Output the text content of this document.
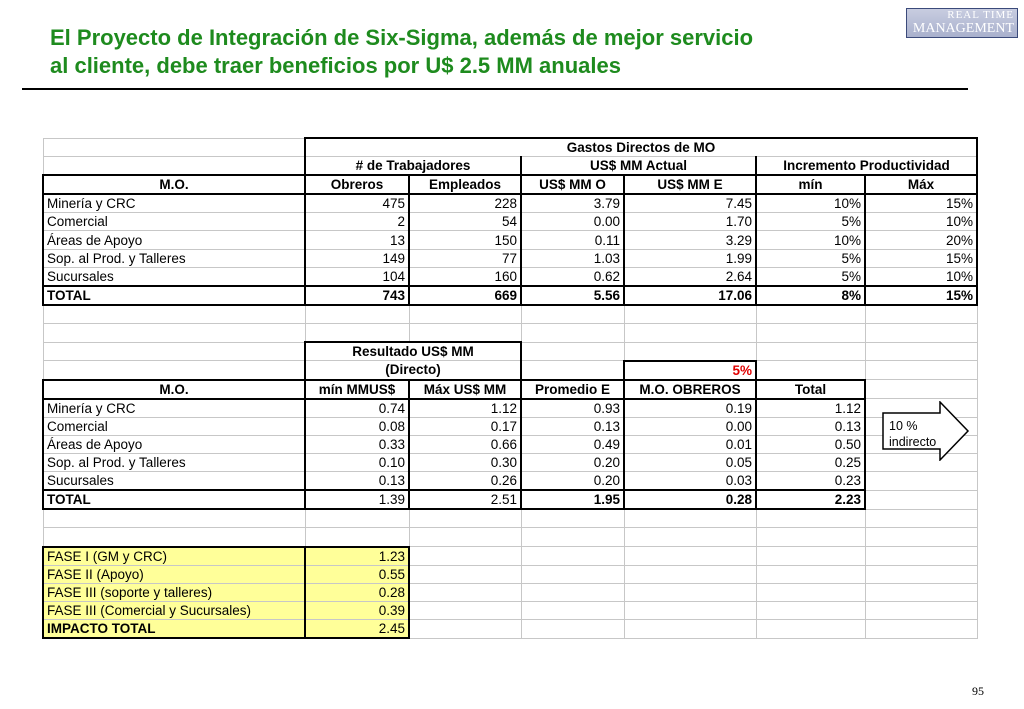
El Proyecto de Integración de Six-Sigma, además de mejor servicio
al cliente, debe traer beneficios por U$ 2.5 MM anuales
REAL TIME
MANAGEMENT
	Gastos Directos de MO					
	# de Trabajadores		US$ MM Actual		Incremento Productividad	
M.O.	Obreros	Empleados	US$ MM O	US$ MM E	mín	Máx
Minería y CRC	475	228	3.79	7.45	10%	15%
Comercial	2	54	0.00	1.70	5%	10%
Áreas de Apoyo	13	150	0.11	3.29	10%	20%
Sop. al Prod. y Talleres	149	77	1.03	1.99	5%	15%
Sucursales	104	160	0.62	2.64	5%	10%
TOTAL	743	669	5.56	17.06	8%	15%

	Resultado US$ MM					
	(Directo)			5%		
M.O.	mín MMUS$	Máx US$ MM	Promedio E	M.O. OBREROS	Total	
Minería y CRC	0.74	1.12	0.93	0.19	1.12	
Comercial	0.08	0.17	0.13	0.00	0.13	
Áreas de Apoyo	0.33	0.66	0.49	0.01	0.50	
Sop. al Prod. y Talleres	0.10	0.30	0.20	0.05	0.25	
Sucursales	0.13	0.26	0.20	0.03	0.23	
TOTAL	1.39	2.51	1.95	0.28	2.23	

FASE I (GM y CRC)	1.23					
FASE II (Apoyo)	0.55					
FASE III (soporte y talleres)	0.28					
FASE III (Comercial y Sucursales)	0.39					
IMPACTO TOTAL	2.45					
10 %
indirecto
95
